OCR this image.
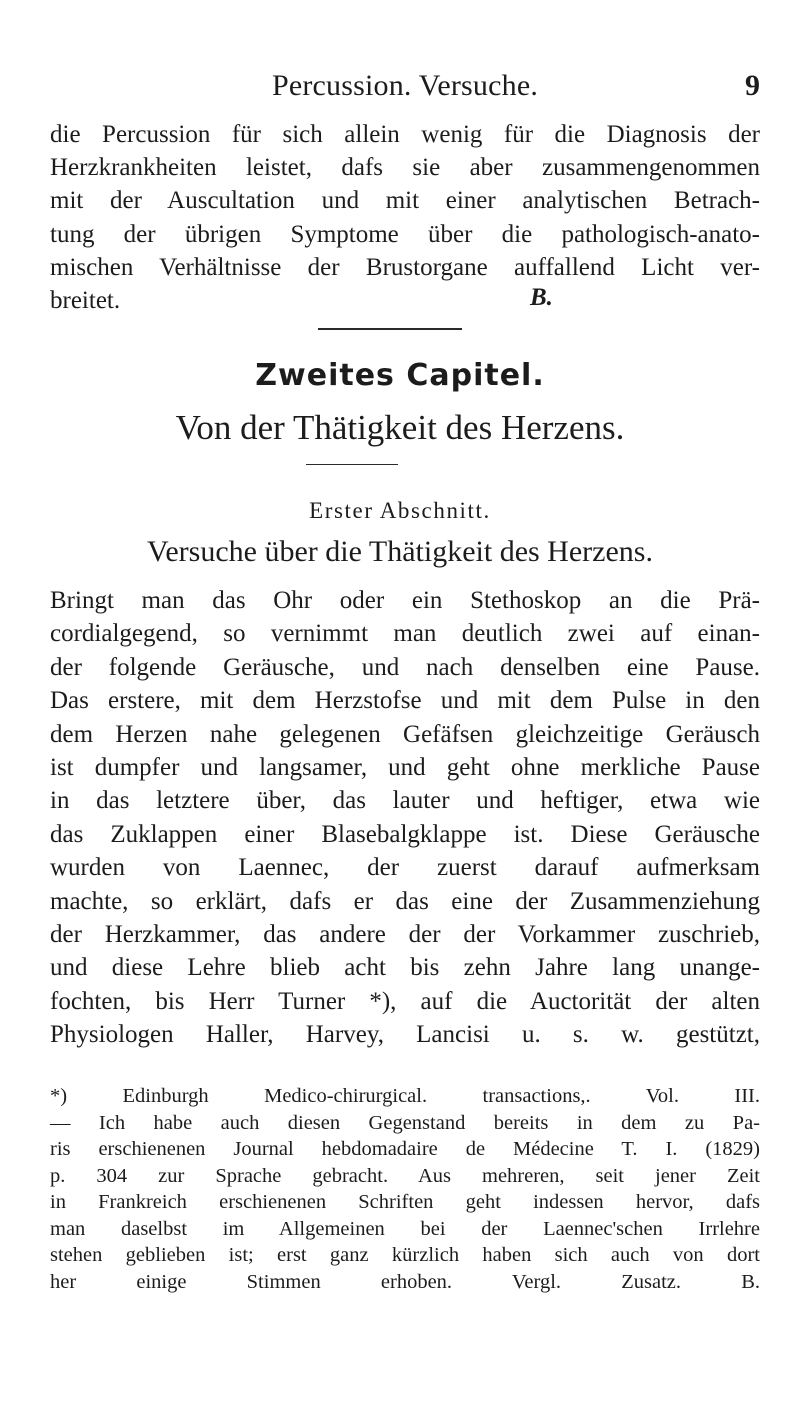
Percussion. Versuche.	9
die Percussion für sich allein wenig für die Diagnosis der
Herzkrankheiten leistet, dafs sie aber zusammengenommen
mit der Auscultation und mit einer analytischen Betrach-
tung der übrigen Symptome über die pathologisch-anato-
mischen Verhältnisse der Brustorgane auffallend Licht ver-
breitet.	B.
Zweites Capitel.
Von der Thätigkeit des Herzens.
Erster Abschnitt.
Versuche über die Thätigkeit des Herzens.
Bringt man das Ohr oder ein Stethoskop an die Prä-
cordialgegend, so vernimmt man deutlich zwei auf einan-
der folgende Geräusche, und nach denselben eine Pause.
Das erstere, mit dem Herzstofse und mit dem Pulse in den
dem Herzen nahe gelegenen Gefäfsen gleichzeitige Geräusch
ist dumpfer und langsamer, und geht ohne merkliche Pause
in das letztere über, das lauter und heftiger, etwa wie
das Zuklappen einer Blasebalgklappe ist. Diese Geräusche
wurden von Laennec, der zuerst darauf aufmerksam
machte, so erklärt, dafs er das eine der Zusammenziehung
der Herzkammer, das andere der der Vorkammer zuschrieb,
und diese Lehre blieb acht bis zehn Jahre lang unange-
fochten, bis Herr Turner *), auf die Auctorität der alten
Physiologen Haller, Harvey, Lancisi u. s. w. gestützt,
*) Edinburgh Medico-chirurgical. transactions,. Vol. III.
— Ich habe auch diesen Gegenstand bereits in dem zu Pa-
ris erschienenen Journal hebdomadaire de Médecine T. I. (1829)
p. 304 zur Sprache gebracht. Aus mehreren, seit jener Zeit
in Frankreich erschienenen Schriften geht indessen hervor, dafs
man daselbst im Allgemeinen bei der Laennec'schen Irrlehre
stehen geblieben ist; erst ganz kürzlich haben sich auch von dort
her einige Stimmen erhoben. Vergl. Zusatz. B.
